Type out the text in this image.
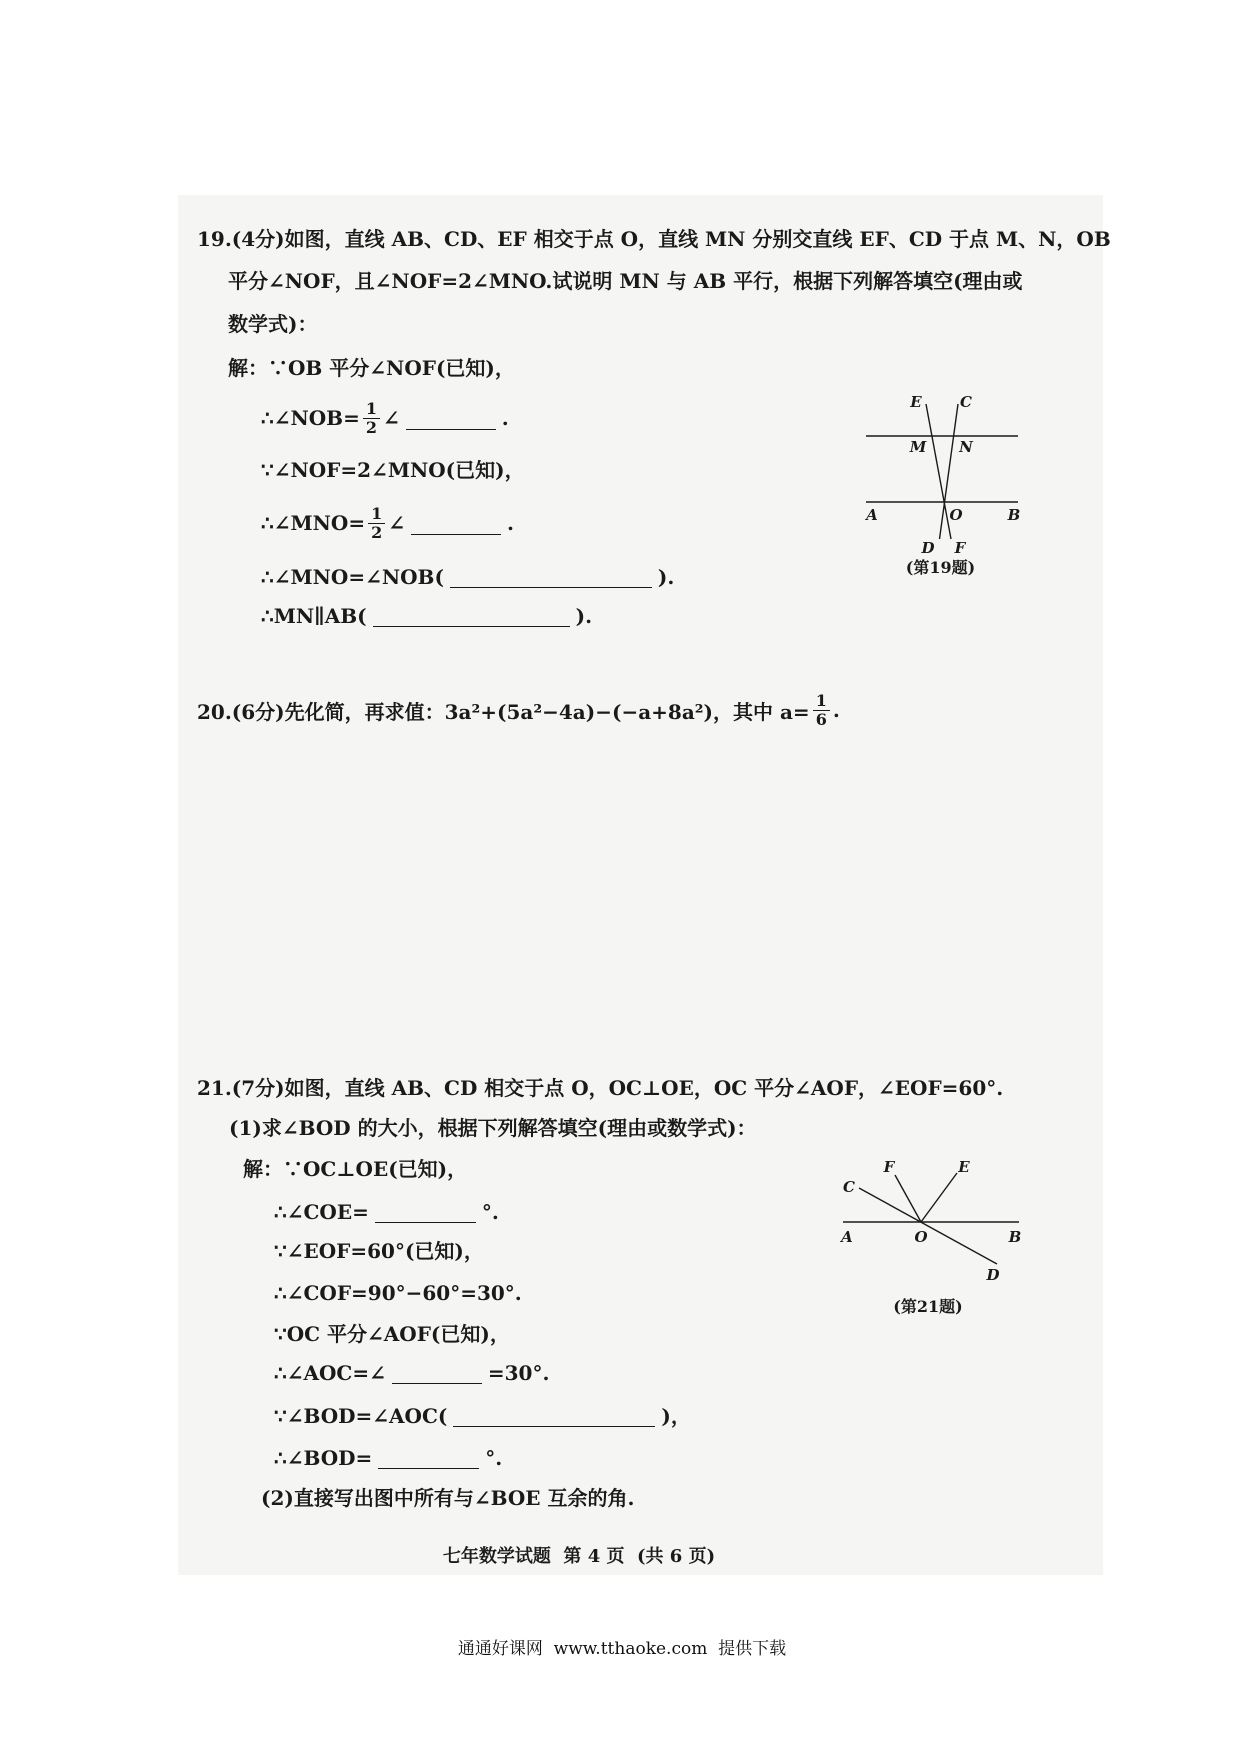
19.(4分)如图，直线 AB、CD、EF 相交于点 O，直线 MN 分别交直线 EF、CD 于点 M、N，OB
平分∠NOF，且∠NOF=2∠MNO.试说明 MN 与 AB 平行，根据下列解答填空(理由或
数学式)：
解：∵OB 平分∠NOF(已知)，
∴∠NOB= $\frac{1}{2}$ ∠	.
∵∠NOF=2∠MNO(已知)，
∴∠MNO= $\frac{1}{2}$ ∠	.
∴∠MNO=∠NOB(	).
∴MN∥AB(	).
E	C
M N
A	O	B
D F
(第19题)
20.(6分)先化简，再求值：3a²+(5a²−4a)−(−a+8a²)，其中 $a= \frac{1}{6}$ .
21.(7分)如图，直线 AB、CD 相交于点 O，OC⊥OE，OC 平分∠AOF，∠EOF=60°.
(1)求∠BOD 的大小，根据下列解答填空(理由或数学式)：
解：∵OC⊥OE(已知)，
∴∠COE=	°.
∵∠EOF=60°(已知)，
∴∠COF=90°−60°=30°.
∵OC 平分∠AOF(已知)，
∴∠AOC=∠	=30°.
∵∠BOD=∠AOC(	)，
∴∠BOD=	°.
(2)直接写出图中所有与∠BOE 互余的角.
F	E
C
A	O	B
D
(第21题)
七年数学试题  第 4 页  (共 6 页)
通通好课网  www.tthaoke.com  提供下载
